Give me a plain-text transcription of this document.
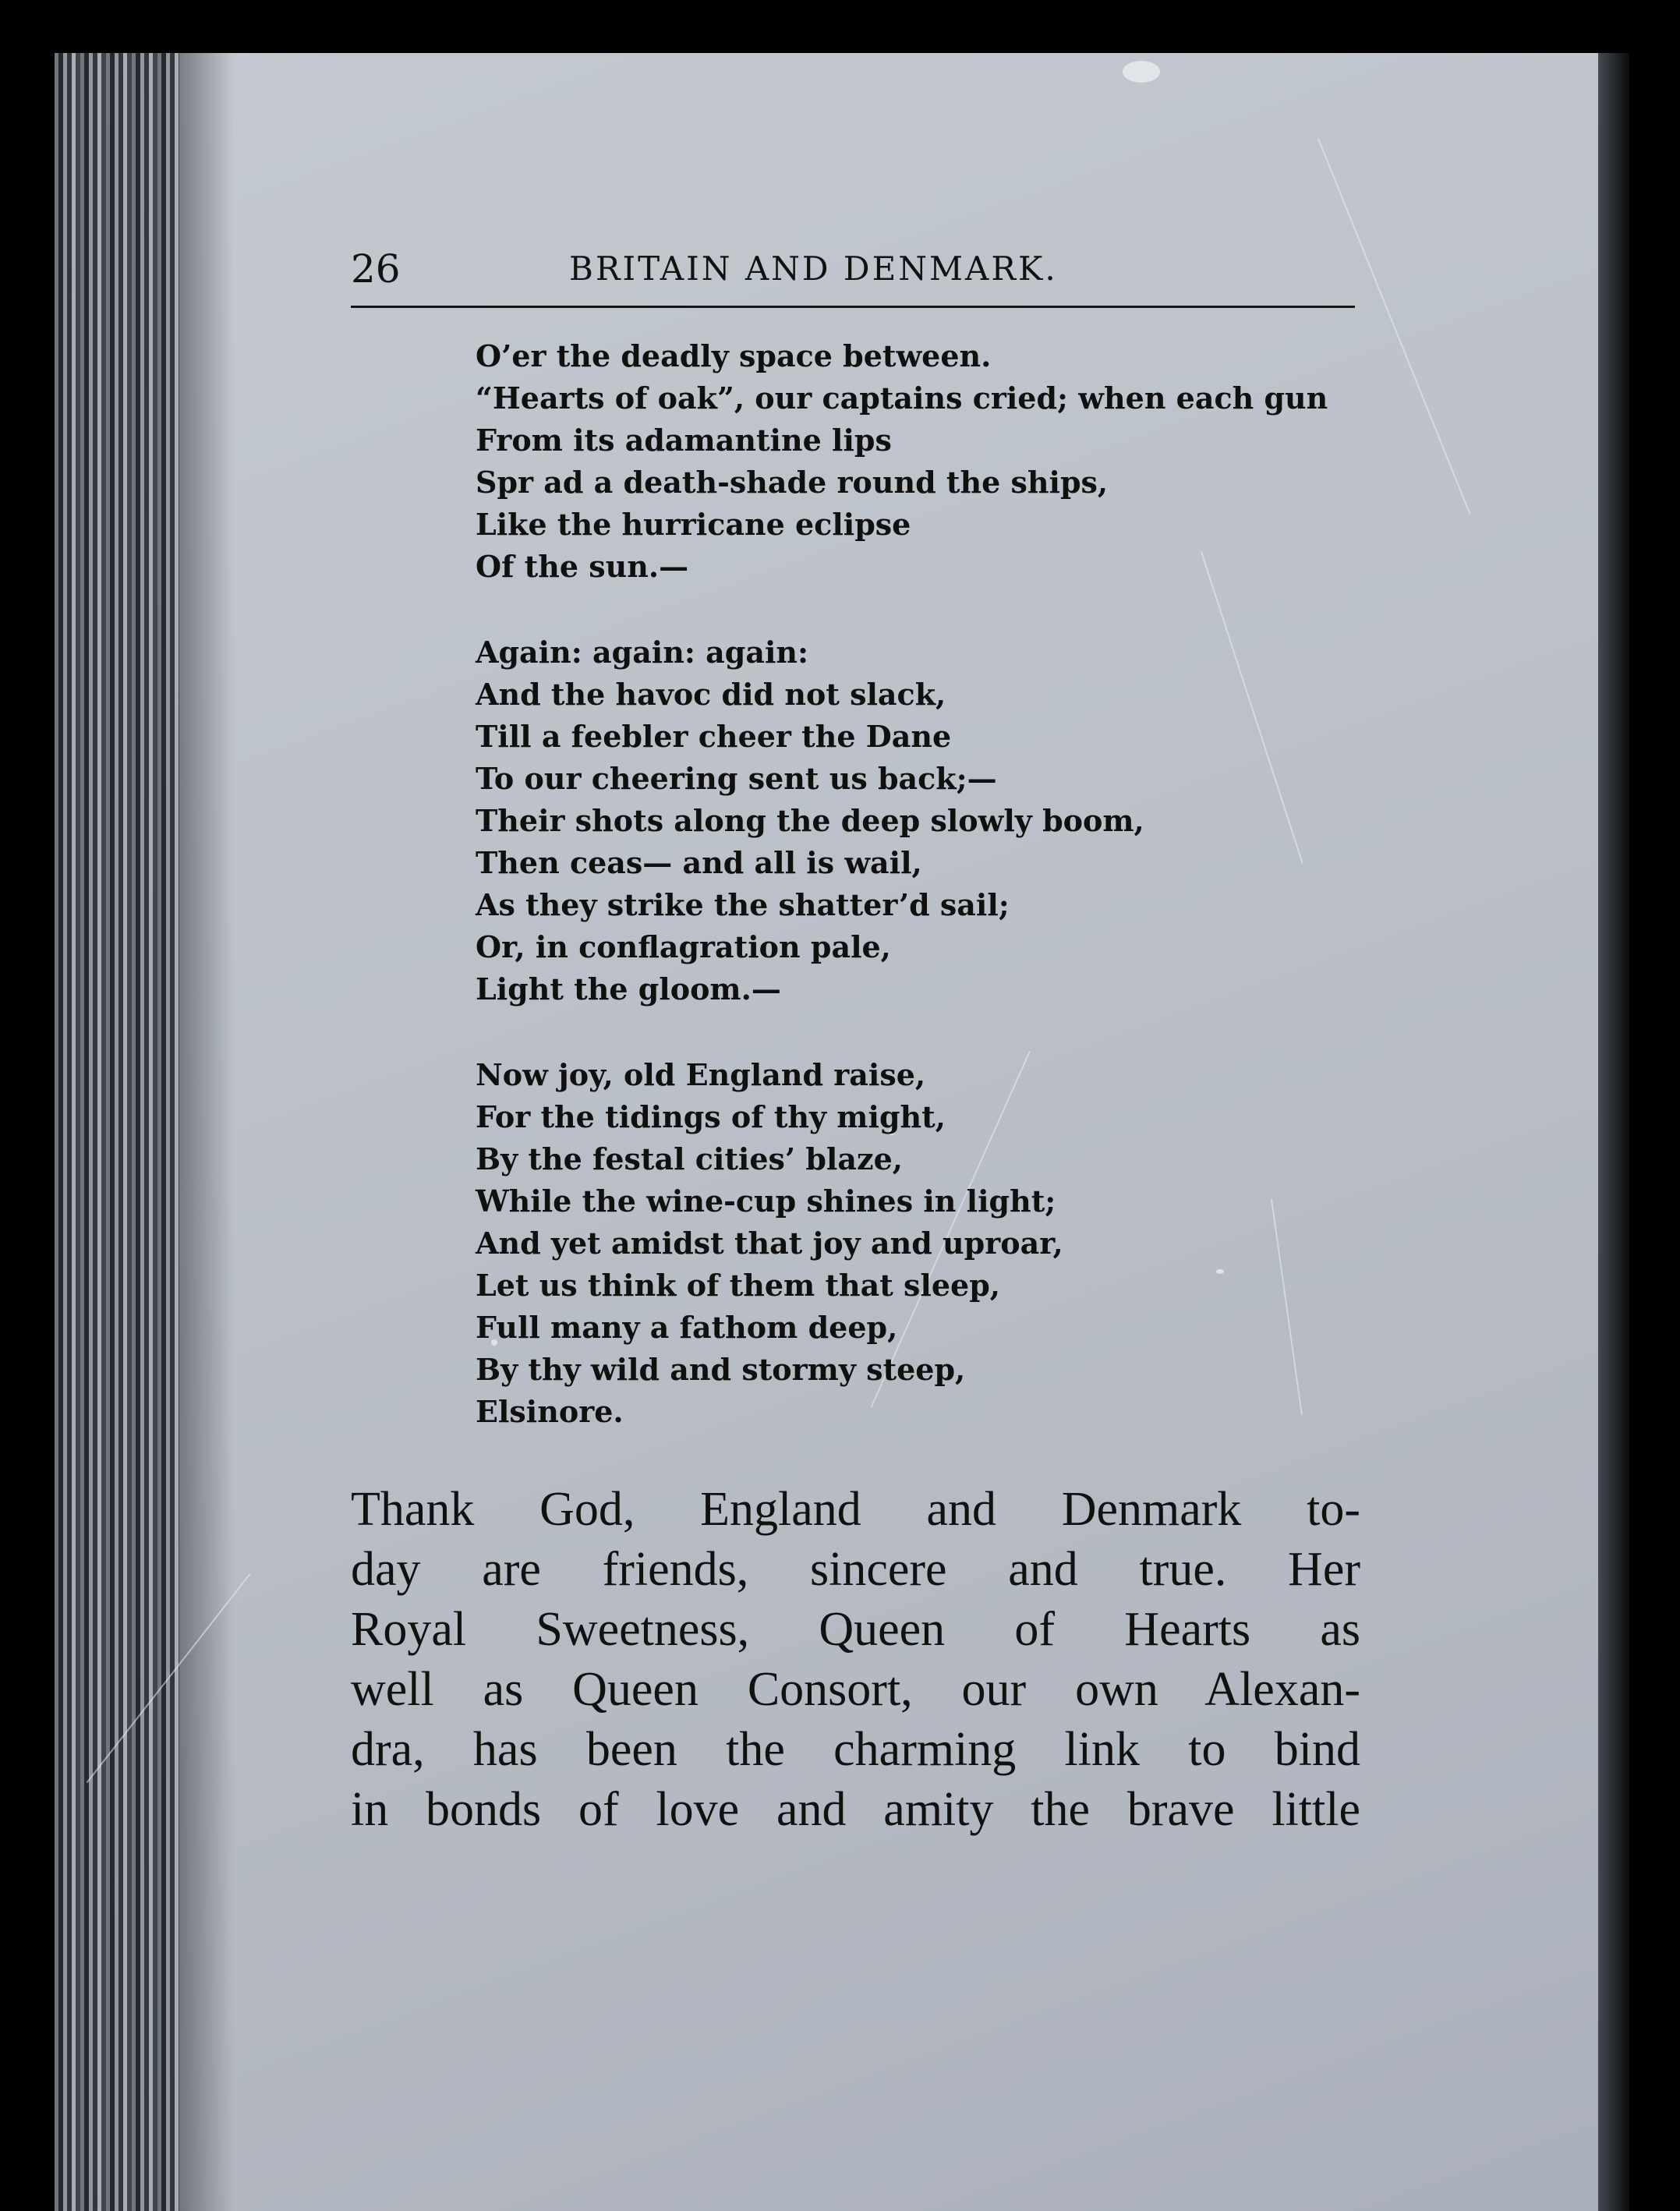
26	BRITAIN AND DENMARK.
O’er the deadly space between.
“Hearts of oak”, our captains cried; when each gun
From its adamantine lips
Spr ad a death-shade round the ships,
Like the hurricane eclipse
Of the sun.—
Again: again: again:
And the havoc did not slack,
Till a feebler cheer the Dane
To our cheering sent us back;—
Their shots along the deep slowly boom,
Then ceas— and all is wail,
As they strike the shatter’d sail;
Or, in conflagration pale,
Light the gloom.—
Now joy, old England raise,
For the tidings of thy might,
By the festal cities’ blaze,
While the wine-cup shines in light;
And yet amidst that joy and uproar,
Let us think of them that sleep,
Full many a fathom deep,
By thy wild and stormy steep,
Elsinore.
Thank God, England and Denmark to-
day are friends, sincere and true. Her
Royal Sweetness, Queen of Hearts as
well as Queen Consort, our own Alexan-
dra, has been the charming link to bind
in bonds of love and amity the brave little
